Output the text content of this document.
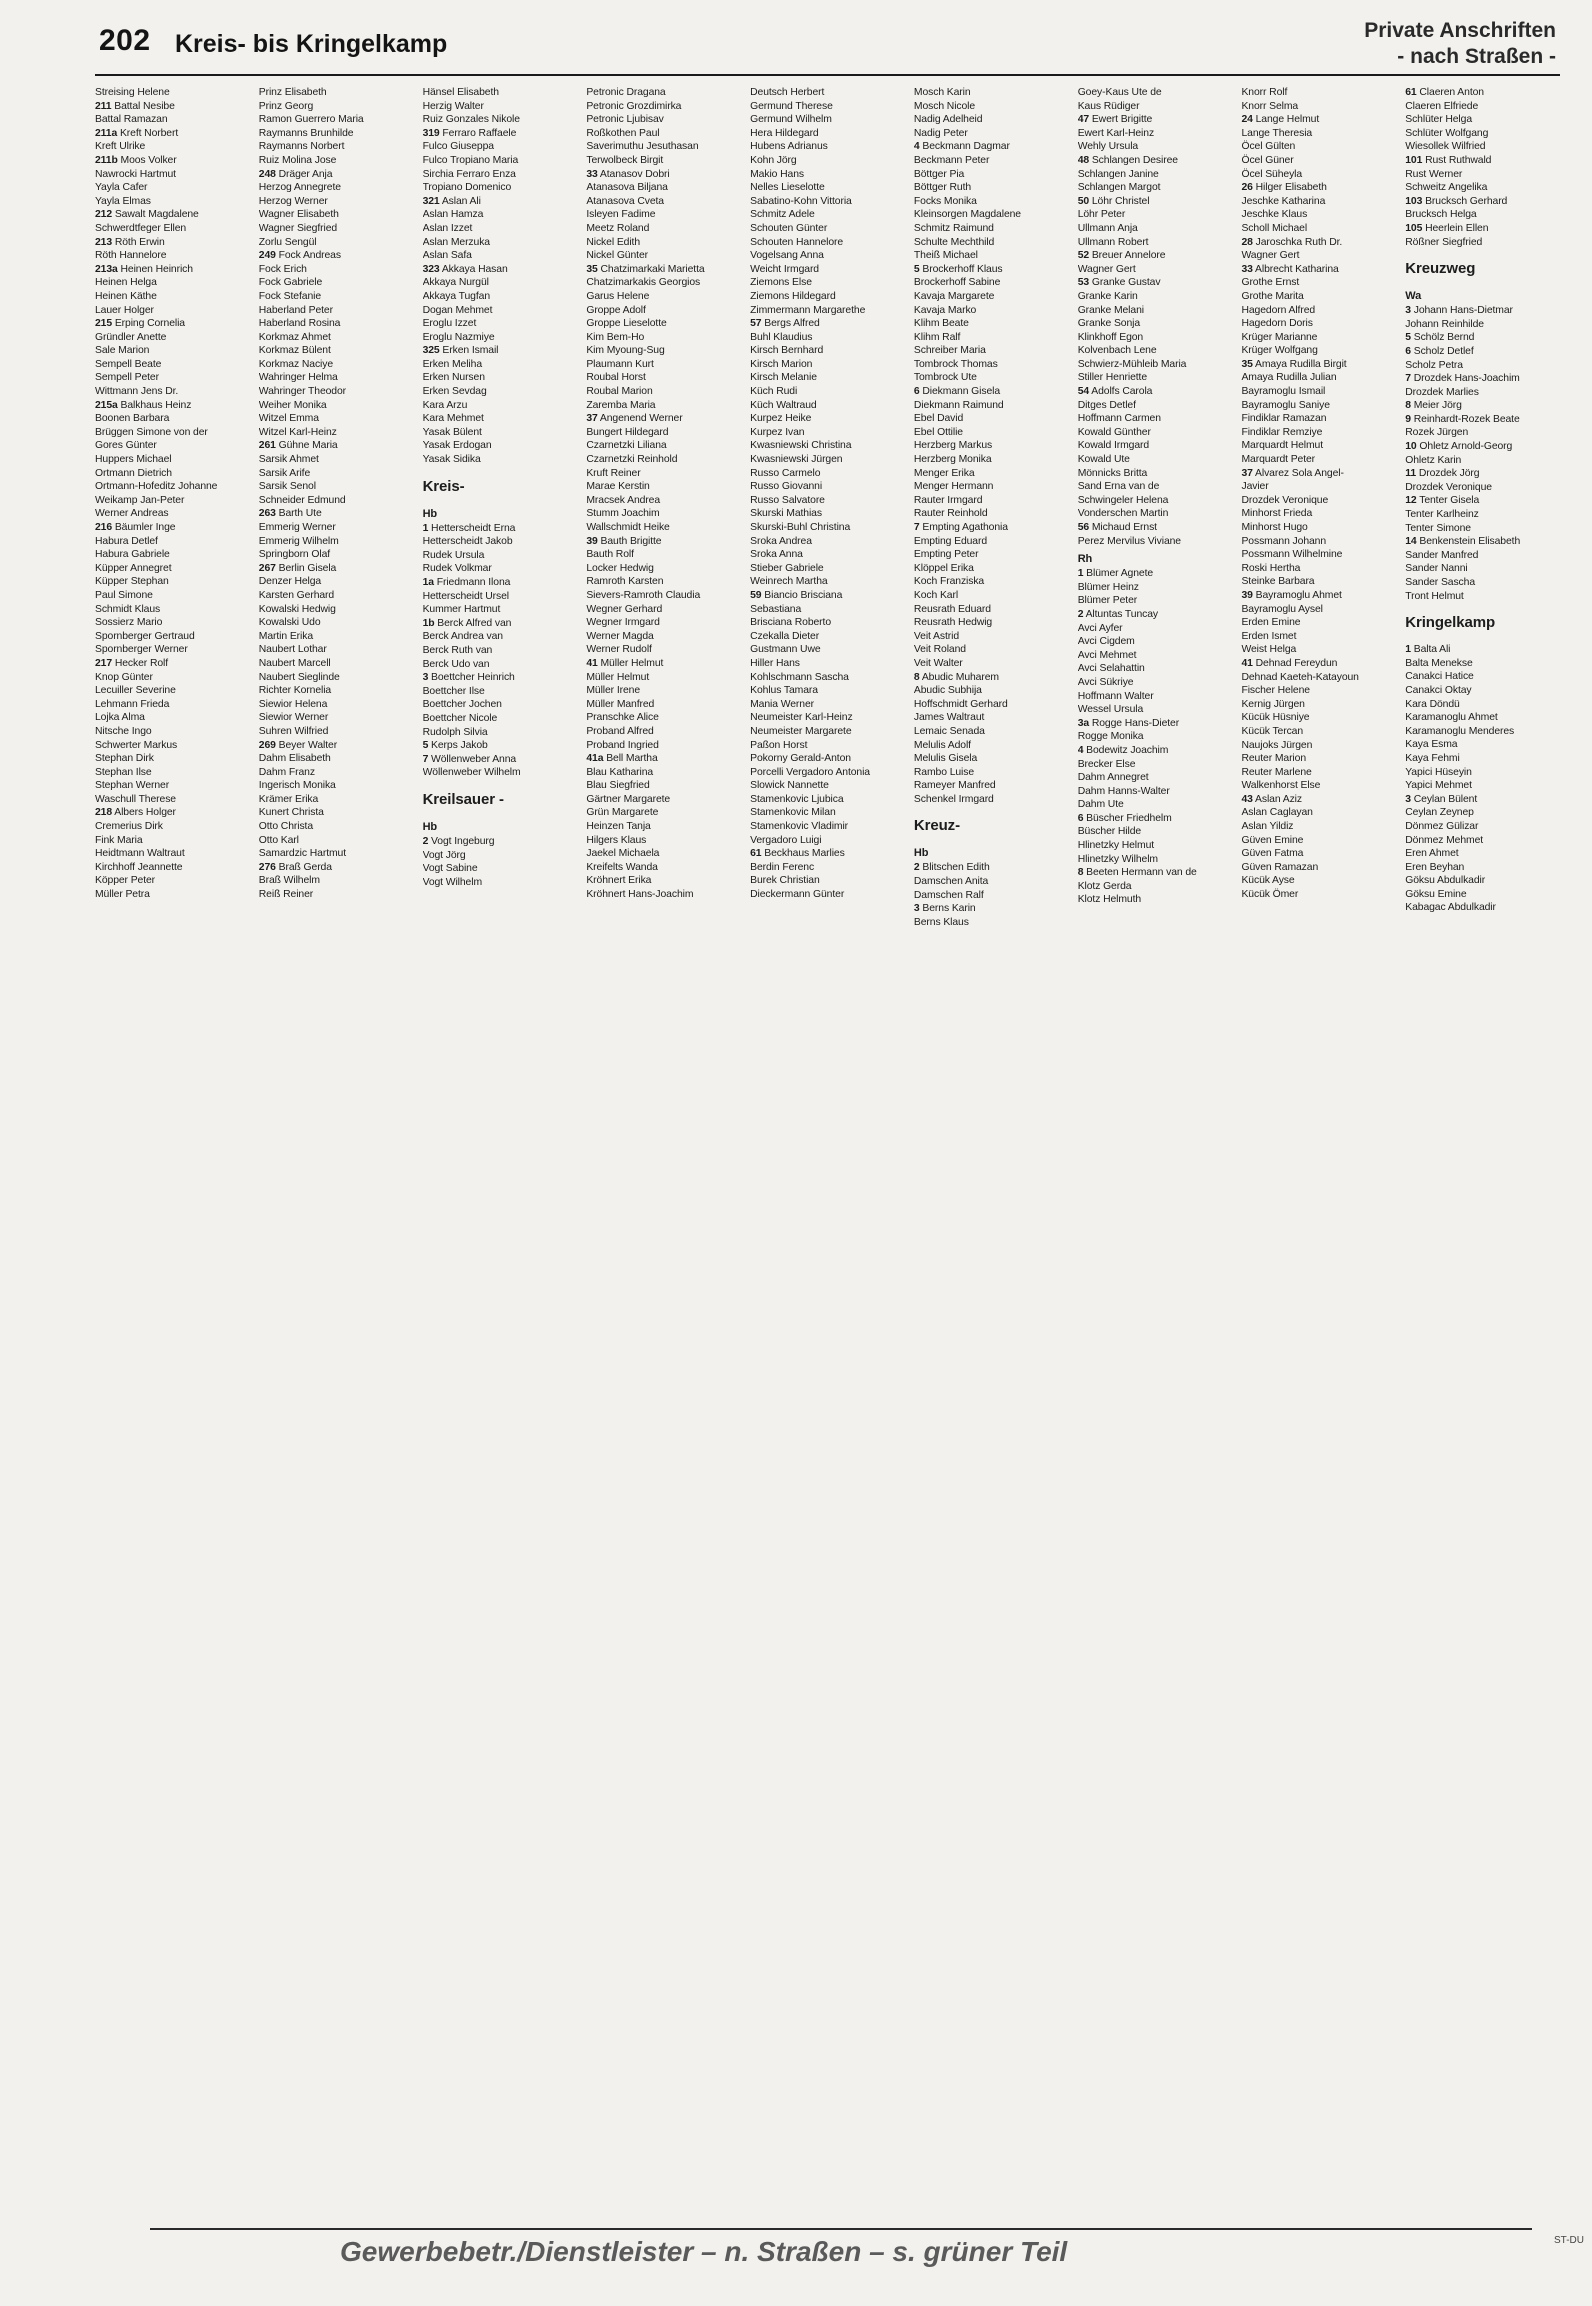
202 Kreis- bis Kringelkamp	Private Anschriften
- nach Straßen -
Streising Helene
211 Battal Nesibe
Battal Ramazan
211a Kreft Norbert
Kreft Ulrike
211b Moos Volker
Nawrocki Hartmut
Yayla Cafer
Yayla Elmas
212 Sawalt Magdalene
Schwerdtfeger Ellen
213 Röth Erwin
Röth Hannelore
213a Heinen Heinrich
Heinen Helga
Heinen Käthe
Lauer Holger
215 Erping Cornelia
Gründler Anette
Sale Marion
Sempell Beate
Sempell Peter
Wittmann Jens Dr.
215a Balkhaus Heinz
Boonen Barbara
Brüggen Simone von der
Gores Günter
Huppers Michael
Ortmann Dietrich
Ortmann-Hofeditz Johanne
Weikamp Jan-Peter
Werner Andreas
216 Bäumler Inge
Habura Detlef
Habura Gabriele
Küpper Annegret
Küpper Stephan
Paul Simone
Schmidt Klaus
Sossierz Mario
Spornberger Gertraud
Spornberger Werner
217 Hecker Rolf
Knop Günter
Lecuiller Severine
Lehmann Frieda
Lojka Alma
Nitsche Ingo
Schwerter Markus
Stephan Dirk
Stephan Ilse
Stephan Werner
Waschull Therese
218 Albers Holger
Cremerius Dirk
Fink Maria
Heidtmann Waltraut
Kirchhoff Jeannette
Köpper Peter
Müller Petra
Prinz Elisabeth
Prinz Georg
Ramon Guerrero Maria
Raymanns Brunhilde
Raymanns Norbert
Ruiz Molina Jose
248 Dräger Anja
Herzog Annegrete
Herzog Werner
Wagner Elisabeth
Wagner Siegfried
Zorlu Sengül
249 Fock Andreas
Fock Erich
Fock Gabriele
Fock Stefanie
Haberland Peter
Haberland Rosina
Korkmaz Ahmet
Korkmaz Bülent
Korkmaz Naciye
Wahringer Helma
Wahringer Theodor
Weiher Monika
Witzel Emma
Witzel Karl-Heinz
261 Gühne Maria
Sarsik Ahmet
Sarsik Arife
Sarsik Senol
Schneider Edmund
263 Barth Ute
Emmerig Werner
Emmerig Wilhelm
Springborn Olaf
267 Berlin Gisela
Denzer Helga
Karsten Gerhard
Kowalski Hedwig
Kowalski Udo
Martin Erika
Naubert Lothar
Naubert Marcell
Naubert Sieglinde
Richter Kornelia
Siewior Helena
Siewior Werner
Suhren Wilfried
269 Beyer Walter
Dahm Elisabeth
Dahm Franz
Ingerisch Monika
Krämer Erika
Kunert Christa
Otto Christa
Otto Karl
Samardzic Hartmut
276 Braß Gerda
Braß Wilhelm
Reiß Reiner
Hänsel Elisabeth
Herzig Walter
Ruiz Gonzales Nikole
319 Ferraro Raffaele
Fulco Giuseppa
Fulco Tropiano Maria
Sirchia Ferraro Enza
Tropiano Domenico
321 Aslan Ali
Aslan Hamza
Aslan Izzet
Aslan Merzuka
Aslan Safa
323 Akkaya Hasan
Akkaya Nurgül
Akkaya Tugfan
Dogan Mehmet
Eroglu Izzet
Eroglu Nazmiye
325 Erken Ismail
Erken Meliha
Erken Nursen
Erken Sevdag
Kara Arzu
Kara Mehmet
Yasak Bülent
Yasak Erdogan
Yasak Sidika
Kreis-
Hb
1 Hetterscheidt Erna
Hetterscheidt Jakob
Rudek Ursula
Rudek Volkmar
1a Friedmann Ilona
Hetterscheidt Ursel
Kummer Hartmut
1b Berck Alfred van
Berck Andrea van
Berck Ruth van
Berck Udo van
3 Boettcher Heinrich
Boettcher Ilse
Boettcher Jochen
Boettcher Nicole
Rudolph Silvia
5 Kerps Jakob
7 Wöllenweber Anna
Wöllenweber Wilhelm
Kreilsauer -
Hb
2 Vogt Ingeburg
Vogt Jörg
Vogt Sabine
Vogt Wilhelm
Petronic Dragana
Petronic Grozdimirka
Petronic Ljubisav
Roßkothen Paul
Saverimuthu Jesuthasan
Terwolbeck Birgit
33 Atanasov Dobri
Atanasova Biljana
Atanasova Cveta
Isleyen Fadime
Meetz Roland
Nickel Edith
Nickel Günter
35 Chatzimarkaki Marietta
Chatzimarkakis Georgios
Garus Helene
Groppe Adolf
Groppe Lieselotte
Kim Bem-Ho
Kim Myoung-Sug
Plaumann Kurt
Roubal Horst
Roubal Marion
Zaremba Maria
37 Angenend Werner
Bungert Hildegard
Czarnetzki Liliana
Czarnetzki Reinhold
Kruft Reiner
Marae Kerstin
Mracsek Andrea
Stumm Joachim
Wallschmidt Heike
39 Bauth Brigitte
Bauth Rolf
Locker Hedwig
Ramroth Karsten
Sievers-Ramroth Claudia
Wegner Gerhard
Wegner Irmgard
Werner Magda
Werner Rudolf
41 Müller Helmut
Müller Helmut
Müller Irene
Müller Manfred
Pranschke Alice
Proband Alfred
Proband Ingried
41a Bell Martha
Blau Katharina
Blau Siegfried
Gärtner Margarete
Grün Margarete
Heinzen Tanja
Hilgers Klaus
Jaekel Michaela
Kreifelts Wanda
Kröhnert Erika
Kröhnert Hans-Joachim
Deutsch Herbert
Germund Therese
Germund Wilhelm
Hera Hildegard
Hubens Adrianus
Kohn Jörg
Makio Hans
Nelles Lieselotte
Sabatino-Kohn Vittoria
Schmitz Adele
Schouten Günter
Schouten Hannelore
Vogelsang Anna
Weicht Irmgard
Ziemons Else
Ziemons Hildegard
Zimmermann Margarethe
57 Bergs Alfred
Buhl Klaudius
Kirsch Bernhard
Kirsch Marion
Kirsch Melanie
Küch Rudi
Küch Waltraud
Kurpez Heike
Kurpez Ivan
Kwasniewski Christina
Kwasniewski Jürgen
Russo Carmelo
Russo Giovanni
Russo Salvatore
Skurski Mathias
Skurski-Buhl Christina
Sroka Andrea
Sroka Anna
Stieber Gabriele
Weinrech Martha
59 Biancio Brisciana
Sebastiana
Brisciana Roberto
Czekalla Dieter
Gustmann Uwe
Hiller Hans
Kohlschmann Sascha
Kohlus Tamara
Mania Werner
Neumeister Karl-Heinz
Neumeister Margarete
Paßon Horst
Pokorny Gerald-Anton
Porcelli Vergadoro Antonia
Slowick Nannette
Stamenkovic Ljubica
Stamenkovic Milan
Stamenkovic Vladimir
Vergadoro Luigi
61 Beckhaus Marlies
Berdin Ferenc
Burek Christian
Dieckermann Günter
Mosch Karin
Mosch Nicole
Nadig Adelheid
Nadig Peter
4 Beckmann Dagmar
Beckmann Peter
Böttger Pia
Böttger Ruth
Focks Monika
Kleinsorgen Magdalene
Schmitz Raimund
Schulte Mechthild
Theiß Michael
5 Brockerhoff Klaus
Brockerhoff Sabine
Kavaja Margarete
Kavaja Marko
Klihm Beate
Klihm Ralf
Schreiber Maria
Tombrock Thomas
Tombrock Ute
6 Diekmann Gisela
Diekmann Raimund
Ebel David
Ebel Ottilie
Herzberg Markus
Herzberg Monika
Menger Erika
Menger Hermann
Rauter Irmgard
Rauter Reinhold
7 Empting Agathonia
Empting Eduard
Empting Peter
Klöppel Erika
Koch Franziska
Koch Karl
Reusrath Eduard
Reusrath Hedwig
Veit Astrid
Veit Roland
Veit Walter
8 Abudic Muharem
Abudic Subhija
Hoffschmidt Gerhard
James Waltraut
Lemaic Senada
Melulis Adolf
Melulis Gisela
Rambo Luise
Rameyer Manfred
Schenkel Irmgard
Kreuz-
Hb
2 Blitschen Edith
Damschen Anita
Damschen Ralf
3 Berns Karin
Berns Klaus
Goey-Kaus Ute de
Kaus Rüdiger
47 Ewert Brigitte
Ewert Karl-Heinz
Wehly Ursula
48 Schlangen Desiree
Schlangen Janine
Schlangen Margot
50 Löhr Christel
Löhr Peter
Ullmann Anja
Ullmann Robert
52 Breuer Annelore
Wagner Gert
53 Granke Gustav
Granke Karin
Granke Melani
Granke Sonja
Klinkhoff Egon
Kolvenbach Lene
Schwierz-Mühleib Maria
Stiller Henriette
54 Adolfs Carola
Ditges Detlef
Hoffmann Carmen
Kowald Günther
Kowald Irmgard
Kowald Ute
Mönnicks Britta
Sand Erna van de
Schwingeler Helena
Vonderschen Martin
56 Michaud Ernst
Perez Mervilus Viviane
Rh
1 Blümer Agnete
Blümer Heinz
Blümer Peter
2 Altuntas Tuncay
Avci Ayfer
Avci Cigdem
Avci Mehmet
Avci Selahattin
Avci Sükriye
Hoffmann Walter
Wessel Ursula
3a Rogge Hans-Dieter
Rogge Monika
4 Bodewitz Joachim
Brecker Else
Dahm Annegret
Dahm Hanns-Walter
Dahm Ute
6 Büscher Friedhelm
Büscher Hilde
Hlinetzky Helmut
Hlinetzky Wilhelm
8 Beeten Hermann van de
Klotz Gerda
Klotz Helmuth
Knorr Rolf
Knorr Selma
24 Lange Helmut
Lange Theresia
Öcel Gülten
Öcel Güner
Öcel Süheyla
26 Hilger Elisabeth
Jeschke Katharina
Jeschke Klaus
Scholl Michael
28 Jaroschka Ruth Dr.
Wagner Gert
33 Albrecht Katharina
Grothe Ernst
Grothe Marita
Hagedorn Alfred
Hagedorn Doris
Krüger Marianne
Krüger Wolfgang
35 Amaya Rudilla Birgit
Amaya Rudilla Julian
Bayramoglu Ismail
Bayramoglu Saniye
Findiklar Ramazan
Findiklar Remziye
Marquardt Helmut
Marquardt Peter
37 Alvarez Sola Angel-
Javier
Drozdek Veronique
Minhorst Frieda
Minhorst Hugo
Possmann Johann
Possmann Wilhelmine
Roski Hertha
Steinke Barbara
39 Bayramoglu Ahmet
Bayramoglu Aysel
Erden Emine
Erden Ismet
Weist Helga
41 Dehnad Fereydun
Dehnad Kaeteh-Katayoun
Fischer Helene
Kernig Jürgen
Kücük Hüsniye
Kücük Tercan
Naujoks Jürgen
Reuter Marion
Reuter Marlene
Walkenhorst Else
43 Aslan Aziz
Aslan Caglayan
Aslan Yildiz
Güven Emine
Güven Fatma
Güven Ramazan
Kücük Ayse
Kücük Ömer
61 Claeren Anton
Claeren Elfriede
Schlüter Helga
Schlüter Wolfgang
Wiesollek Wilfried
101 Rust Ruthwald
Rust Werner
Schweitz Angelika
103 Brucksch Gerhard
Brucksch Helga
105 Heerlein Ellen
Rößner Siegfried
Kreuzweg
Wa
3 Johann Hans-Dietmar
Johann Reinhilde
5 Schölz Bernd
6 Scholz Detlef
Scholz Petra
7 Drozdek Hans-Joachim
Drozdek Marlies
8 Meier Jörg
9 Reinhardt-Rozek Beate
Rozek Jürgen
10 Ohletz Arnold-Georg
Ohletz Karin
11 Drozdek Jörg
Drozdek Veronique
12 Tenter Gisela
Tenter Karlheinz
Tenter Simone
14 Benkenstein Elisabeth
Sander Manfred
Sander Nanni
Sander Sascha
Tront Helmut
Kringelkamp
1 Balta Ali
Balta Menekse
Canakci Hatice
Canakci Oktay
Kara Döndü
Karamanoglu Ahmet
Karamanoglu Menderes
Kaya Esma
Kaya Fehmi
Yapici Hüseyin
Yapici Mehmet
3 Ceylan Bülent
Ceylan Zeynep
Dönmez Gülizar
Dönmez Mehmet
Eren Ahmet
Eren Beyhan
Göksu Abdulkadir
Göksu Emine
Kabagac Abdulkadir
Gewerbebetr./Dienstleister – n. Straßen – s. grüner Teil	ST-DU
